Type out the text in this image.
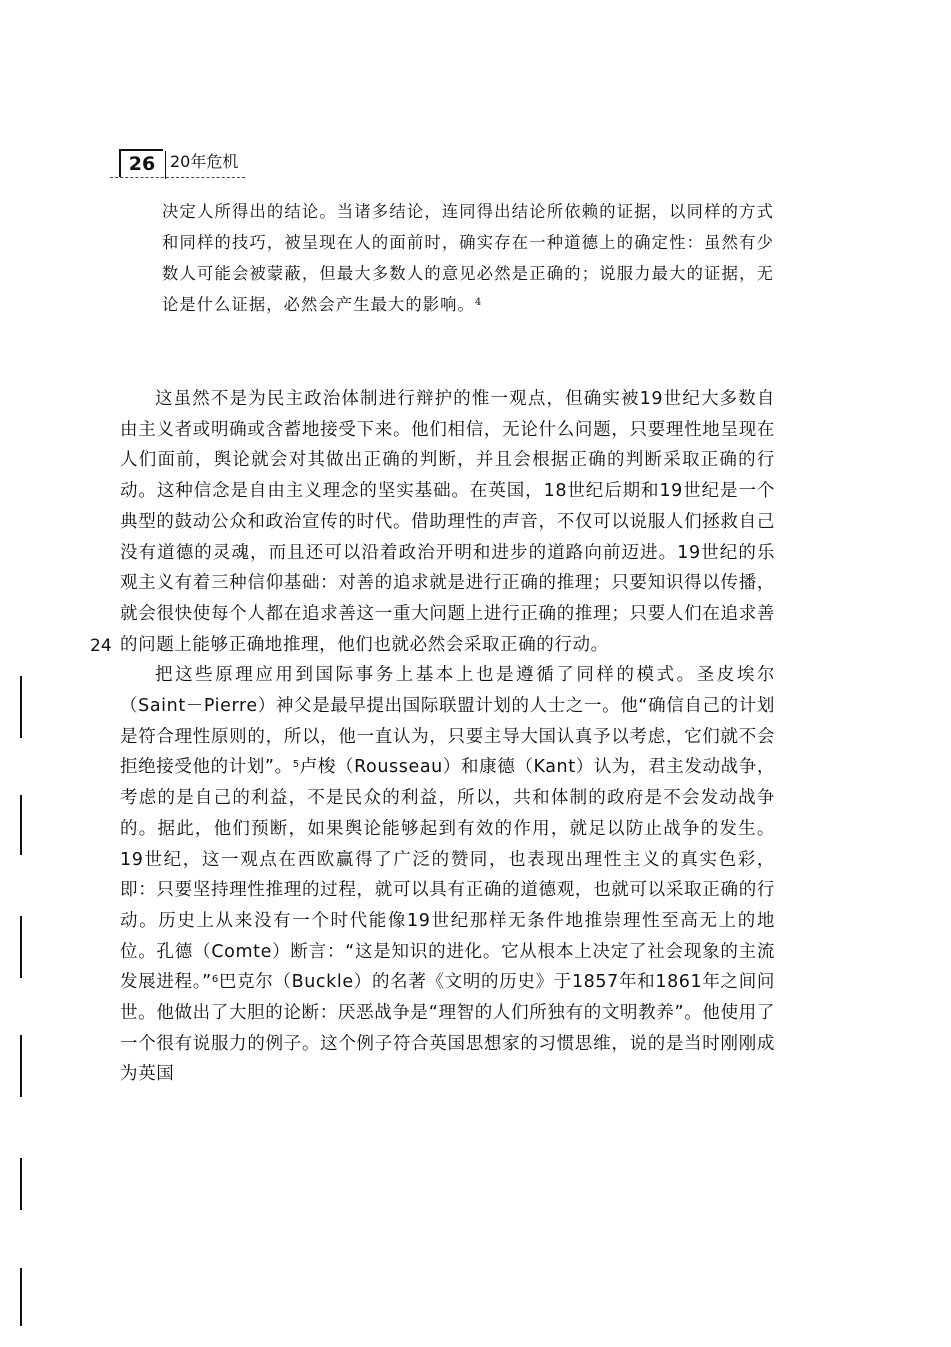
26 20年危机
决定人所得出的结论。当诸多结论，连同得出结论所依赖的证据，以同样的方式和同样的技巧，被呈现在人的面前时，确实存在一种道德上的确定性：虽然有少数人可能会被蒙蔽，但最大多数人的意见必然是正确的；说服力最大的证据，无论是什么证据，必然会产生最大的影响。$^4$
24

这虽然不是为民主政治体制进行辩护的惟一观点，但确实被19世纪大多数自由主义者或明确或含蓄地接受下来。他们相信，无论什么问题，只要理性地呈现在人们面前，舆论就会对其做出正确的判断，并且会根据正确的判断采取正确的行动。这种信念是自由主义理念的坚实基础。在英国，18世纪后期和19世纪是一个典型的鼓动公众和政治宣传的时代。借助理性的声音，不仅可以说服人们拯救自己没有道德的灵魂，而且还可以沿着政治开明和进步的道路向前迈进。19世纪的乐观主义有着三种信仰基础：对善的追求就是进行正确的推理；只要知识得以传播，就会很快使每个人都在追求善这一重大问题上进行正确的推理；只要人们在追求善的问题上能够正确地推理，他们也就必然会采取正确的行动。

把这些原理应用到国际事务上基本上也是遵循了同样的模式。圣皮埃尔（Saint－Pierre）神父是最早提出国际联盟计划的人士之一。他“确信自己的计划是符合理性原则的，所以，他一直认为，只要主导大国认真予以考虑，它们就不会拒绝接受他的计划”。$^5$卢梭（Rousseau）和康德（Kant）认为，君主发动战争，考虑的是自己的利益，不是民众的利益，所以，共和体制的政府是不会发动战争的。据此，他们预断，如果舆论能够起到有效的作用，就足以防止战争的发生。19世纪，这一观点在西欧赢得了广泛的赞同，也表现出理性主义的真实色彩，即：只要坚持理性推理的过程，就可以具有正确的道德观，也就可以采取正确的行动。历史上从来没有一个时代能像19世纪那样无条件地推崇理性至高无上的地位。孔德（Comte）断言：“这是知识的进化。它从根本上决定了社会现象的主流发展进程。”$^6$巴克尔（Buckle）的名著《文明的历史》于1857年和1861年之间问世。他做出了大胆的论断：厌恶战争是“理智的人们所独有的文明教养”。他使用了一个很有说服力的例子。这个例子符合英国思想家的习惯思维，说的是当时刚刚成为英国
